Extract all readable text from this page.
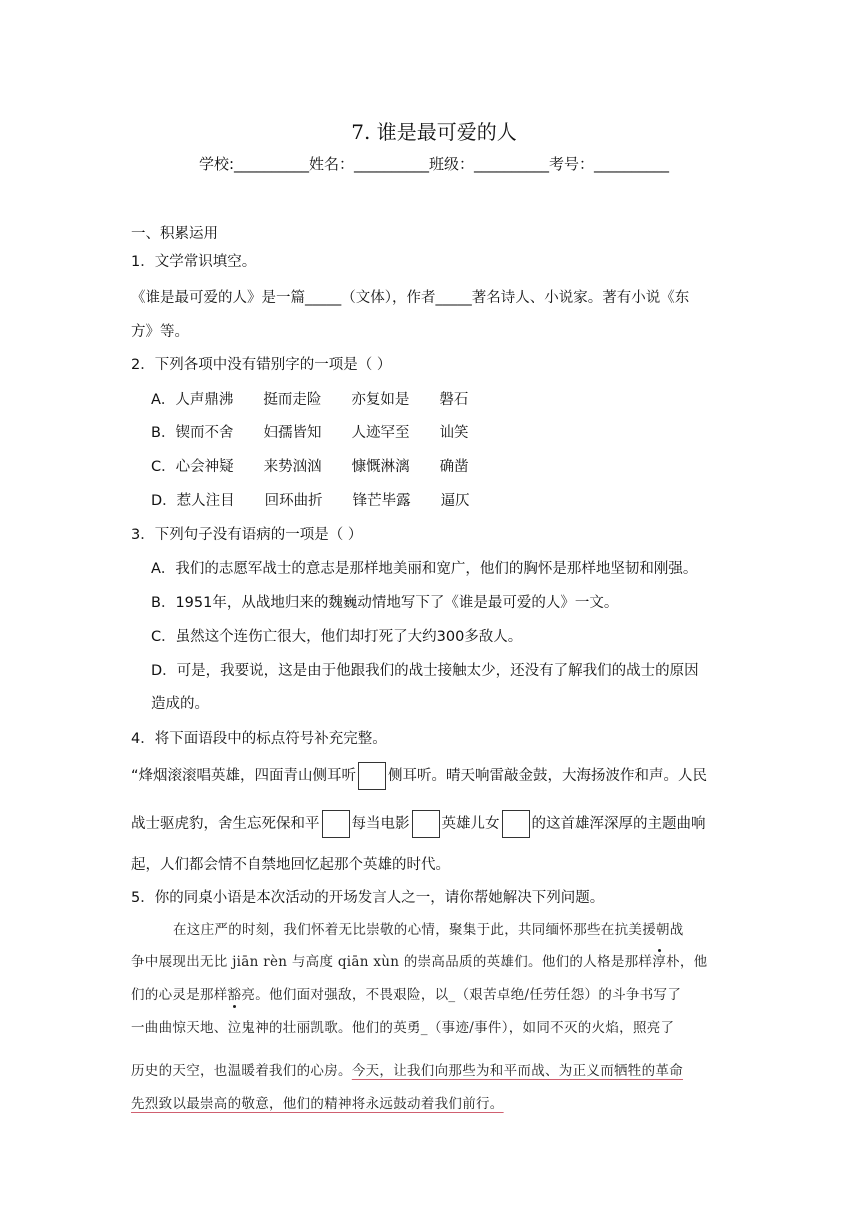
7. 谁是最可爱的人
学校:__________姓名：__________班级：__________考号：__________
一、积累运用
1．文学常识填空。
《谁是最可爱的人》是一篇_____（文体），作者_____著名诗人、小说家。著有小说《东
方》等。
2．下列各项中没有错别字的一项是（ ）
A．人声鼎沸 挺而走险 亦复如是 磐石
B．锲而不舍 妇孺皆知 人迹罕至 讪笑
C．心会神疑 来势汹汹 慷慨淋漓 确凿
D．惹人注目 回环曲折 锋芒毕露 逼仄
3．下列句子没有语病的一项是（ ）
A．我们的志愿军战士的意志是那样地美丽和宽广，他们的胸怀是那样地坚韧和刚强。
B．1951年，从战地归来的魏巍动情地写下了《谁是最可爱的人》一文。
C．虽然这个连伤亡很大，他们却打死了大约300多敌人。
D．可是，我要说，这是由于他跟我们的战士接触太少，还没有了解我们的战士的原因
造成的。
4．将下面语段中的标点符号补充完整。
“烽烟滚滚唱英雄，四面青山侧耳听 侧耳听。晴天响雷敲金鼓，大海扬波作和声。人民
战士驱虎豹，舍生忘死保和平 每当电影 英雄儿女 的这首雄浑深厚的主题曲响
起，人们都会情不自禁地回忆起那个英雄的时代。
5．你的同桌小语是本次活动的开场发言人之一，请你帮她解决下列问题。
在这庄严的时刻，我们怀着无比崇敬的心情，聚集于此，共同缅怀那些在抗美援朝战
争中展现出无比 jiān rèn 与高度 qiān xùn 的崇高品质的英雄们。他们的人格是那样淳朴，他
们的心灵是那样豁亮。他们面对强敌，不畏艰险，以_（艰苦卓绝/任劳任怨）的斗争书写了
一曲曲惊天地、泣鬼神的壮丽凯歌。他们的英勇_（事迹/事件），如同不灭的火焰，照亮了
历史的天空，也温暖着我们的心房。今天，让我们向那些为和平而战、为正义而牺牲的革命
先烈致以最崇高的敬意，他们的精神将永远鼓动着我们前行。
